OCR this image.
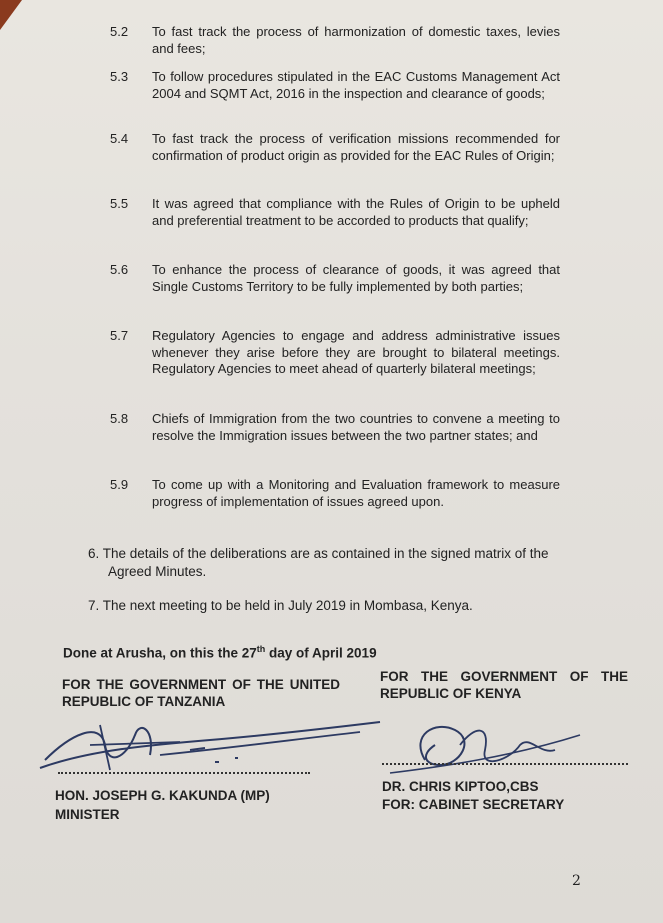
5.2	To fast track the process of harmonization of domestic taxes, levies and fees;
5.3	To follow procedures stipulated in the EAC Customs Management Act 2004 and SQMT Act, 2016 in the inspection and clearance of goods;
5.4	To fast track the process of verification missions recommended for confirmation of product origin as provided for the EAC Rules of Origin;
5.5	It was agreed that compliance with the Rules of Origin to be upheld and preferential treatment to be accorded to products that qualify;
5.6	To enhance the process of clearance of goods, it was agreed that Single Customs Territory to be fully implemented by both parties;
5.7	Regulatory Agencies to engage and address administrative issues whenever they arise before they are brought to bilateral meetings. Regulatory Agencies to meet ahead of quarterly bilateral meetings;
5.8	Chiefs of Immigration from the two countries to convene a meeting to resolve the Immigration issues between the two partner states; and
5.9	To come up with a Monitoring and Evaluation framework to measure progress of implementation of issues agreed upon.
6. The details of the deliberations are as contained in the signed matrix of the Agreed Minutes.
7. The next meeting to be held in July 2019 in Mombasa, Kenya.
Done at Arusha, on this the 27th day of April 2019
FOR THE GOVERNMENT OF THE UNITED REPUBLIC OF TANZANIA
HON. JOSEPH G. KAKUNDA (MP)
MINISTER
FOR THE GOVERNMENT OF THE REPUBLIC OF KENYA
DR. CHRIS KIPTOO,CBS
FOR: CABINET SECRETARY
2
